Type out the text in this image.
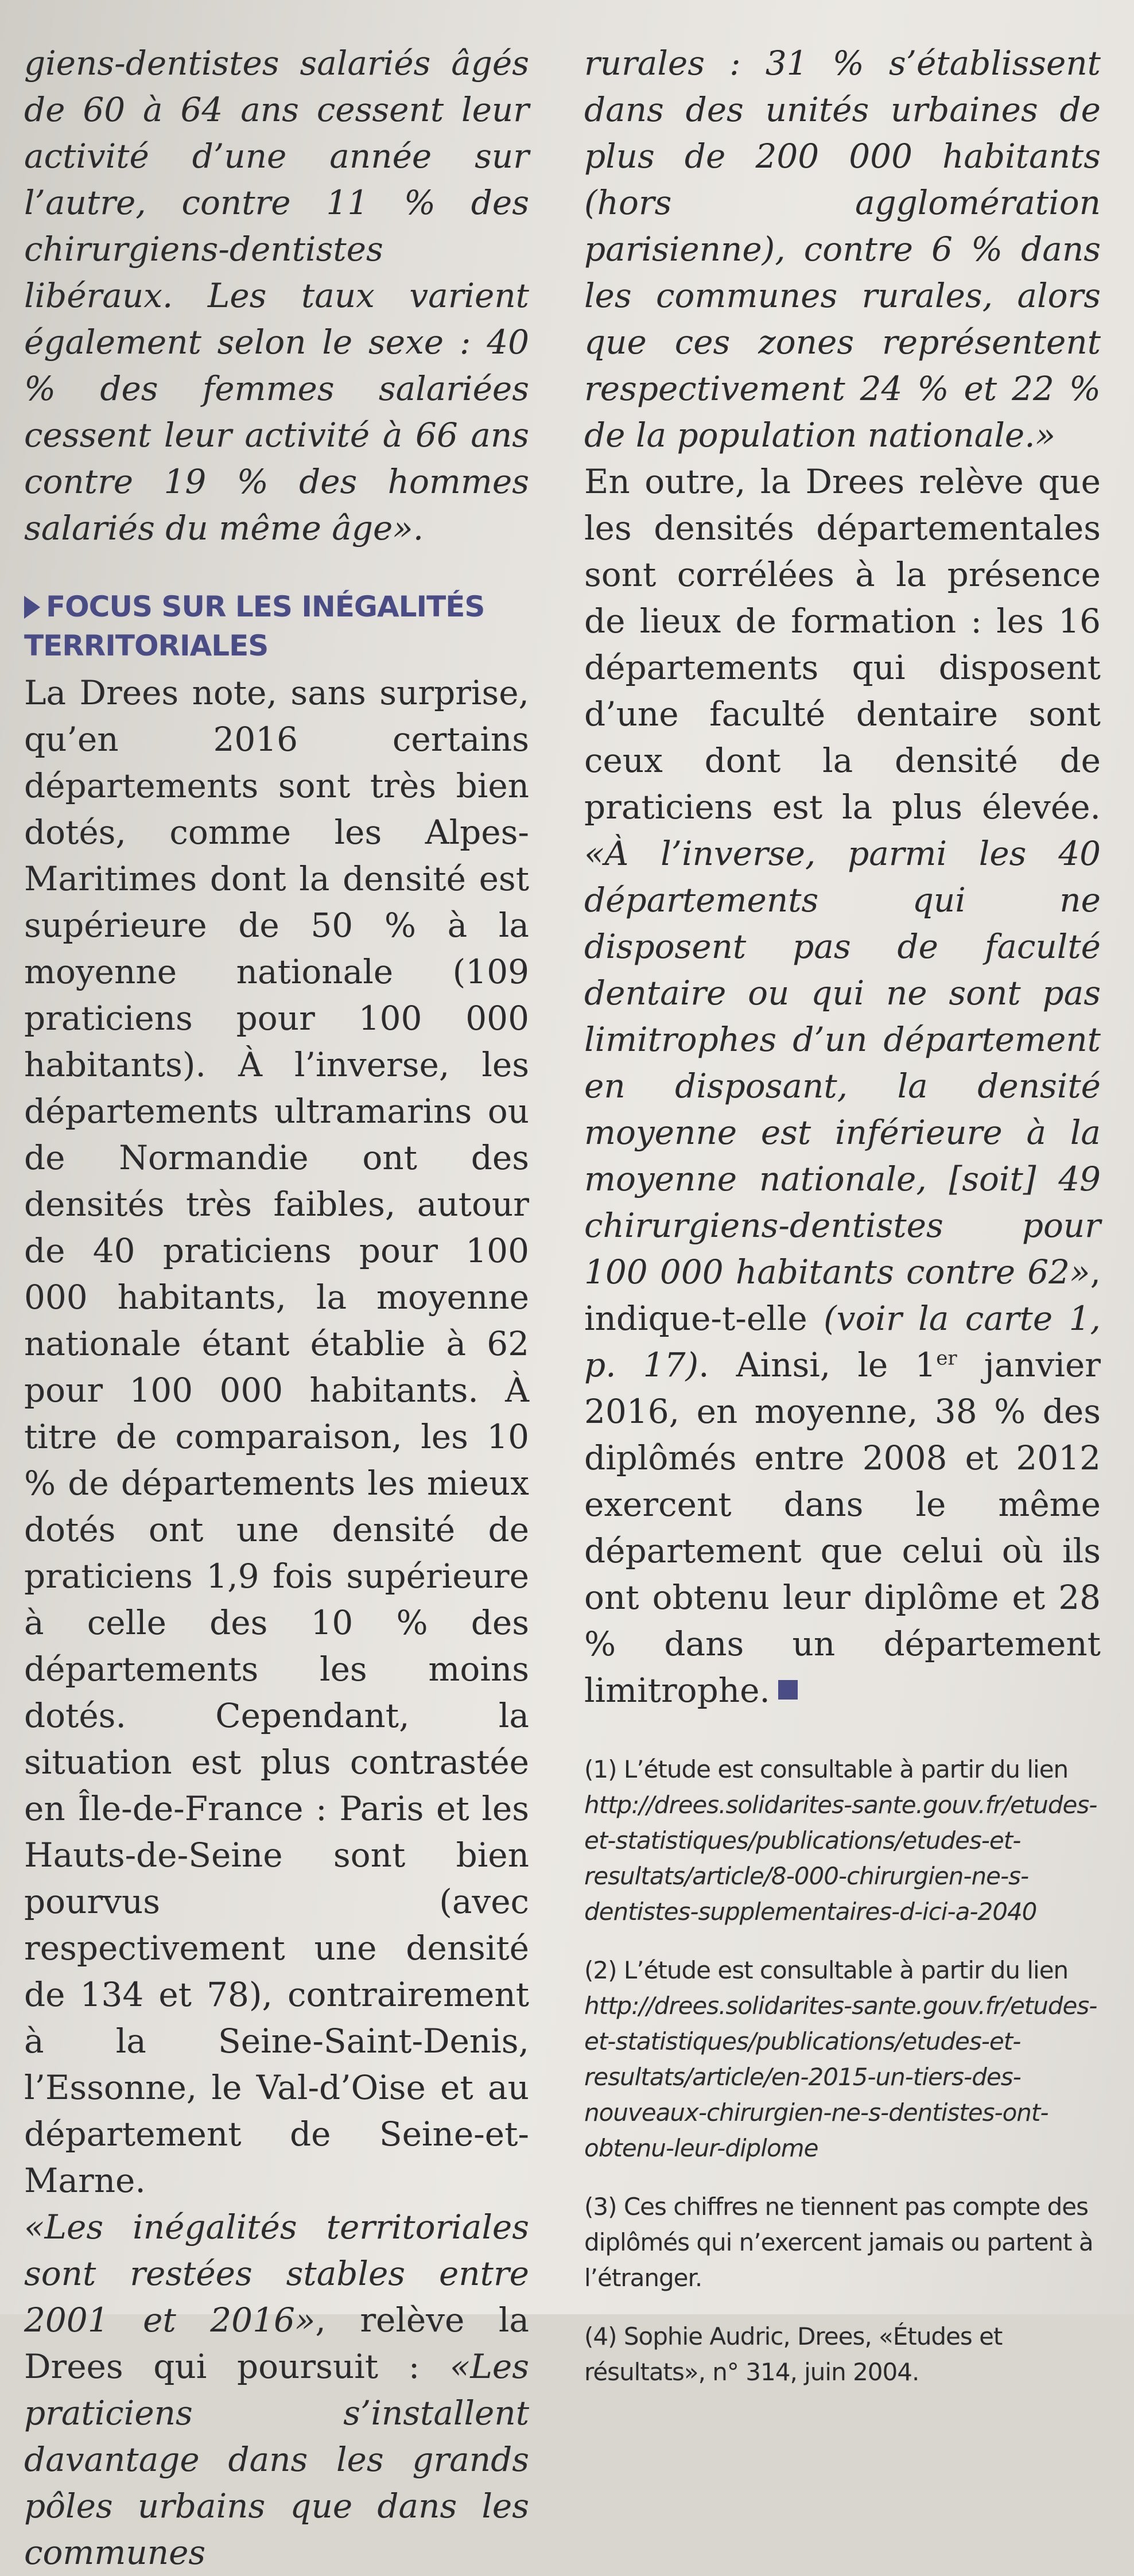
giens-dentistes salariés âgés de 60 à 64 ans cessent leur activité d’une année sur l’autre, contre 11 % des chirurgiens-dentistes libéraux. Les taux varient également selon le sexe : 40 % des femmes salariées cessent leur activité à 66 ans contre 19 % des hommes salariés du même âge».

FOCUS SUR LES INÉGALITÉS TERRITORIALES

La Drees note, sans surprise, qu’en 2016 certains départements sont très bien dotés, comme les Alpes-Maritimes dont la densité est supérieure de 50 % à la moyenne nationale (109 praticiens pour 100 000 habitants). À l’inverse, les départements ultramarins ou de Normandie ont des densités très faibles, autour de 40 praticiens pour 100 000 habitants, la moyenne nationale étant établie à 62 pour 100 000 habitants. À titre de comparaison, les 10 % de départements les mieux dotés ont une densité de praticiens 1,9 fois supérieure à celle des 10 % des départements les moins dotés. Cependant, la situation est plus contrastée en Île-de-France : Paris et les Hauts-de-Seine sont bien pourvus (avec respectivement une densité de 134 et 78), contrairement à la Seine-Saint-Denis, l’Essonne, le Val-d’Oise et au département de Seine-et-Marne.

«Les inégalités territoriales sont restées stables entre 2001 et 2016», relève la Drees qui poursuit : «Les praticiens s’installent davantage dans les grands pôles urbains que dans les communes

rurales : 31 % s’établissent dans des unités urbaines de plus de 200 000 habitants (hors agglomération parisienne), contre 6 % dans les communes rurales, alors que ces zones représentent respectivement 24 % et 22 % de la population nationale.»

En outre, la Drees relève que les densités départementales sont corrélées à la présence de lieux de formation : les 16 départements qui disposent d’une faculté dentaire sont ceux dont la densité de praticiens est la plus élevée. «À l’inverse, parmi les 40 départements qui ne disposent pas de faculté dentaire ou qui ne sont pas limitrophes d’un département en disposant, la densité moyenne est inférieure à la moyenne nationale, [soit] 49 chirurgiens-dentistes pour 100 000 habitants contre 62», indique-t-elle (voir la carte 1, p. 17). Ainsi, le 1er janvier 2016, en moyenne, 38 % des diplômés entre 2008 et 2012 exercent dans le même département que celui où ils ont obtenu leur diplôme et 28 % dans un département limitrophe.

(1) L’étude est consultable à partir du lien http://drees.solidarites-sante.gouv.fr/etudes-et-statistiques/publications/etudes-et-resultats/article/8-000-chirurgien-ne-s-dentistes-supplementaires-d-ici-a-2040

(2) L’étude est consultable à partir du lien http://drees.solidarites-sante.gouv.fr/etudes-et-statistiques/publications/etudes-et-resultats/article/en-2015-un-tiers-des-nouveaux-chirurgien-ne-s-dentistes-ont-obtenu-leur-diplome

(3) Ces chiffres ne tiennent pas compte des diplômés qui n’exercent jamais ou partent à l’étranger.

(4) Sophie Audric, Drees, «Études et résultats», n° 314, juin 2004.
